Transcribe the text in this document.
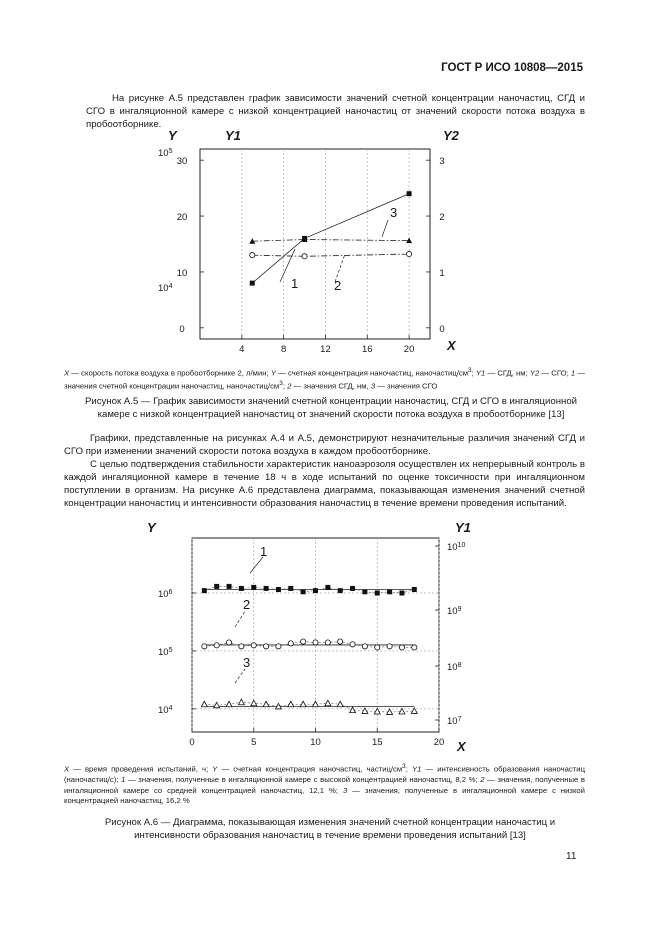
ГОСТ Р ИСО 10808—2015
На рисунке А.5 представлен график зависимости значений счетной концентрации наночастиц, СГД и СГО в ингаляционной камере с низкой концентрацией наночастиц от значений скорости потока воздуха в пробоотборнике.
Y	Y1	Y2
X
$10^5$
$10^4$
30
20
10
0
3
2
1
0
4	8	12	16	20
1	2
3
X — скорость потока воздуха в пробоотборнике 2, л/мин; Y — счетная концентрация наночастиц, наночастиц/$см^3$; Y1 — СГД, нм; Y2 — СГО; 1 — значения счетной концентрации наночастиц, наночастиц/$см^3$; 2 — значения СГД, нм, 3 — значения СГО
Рисунок А.5 — График зависимости значений счетной концентрации наночастиц, СГД и СГО в ингаляционной камере с низкой концентрацией наночастиц от значений скорости потока воздуха в пробоотборнике [13]
Графики, представленные на рисунках А.4 и А.5, демонстрируют незначительные различия значений СГД и СГО при изменении значений скорости потока воздуха в каждом пробоотборнике.
С целью подтверждения стабильности характеристик наноаэрозоля осуществлен их непрерывный контроль в каждой ингаляционной камере в течение 18 ч в ходе испытаний по оценке токсичности при ингаляционном поступлении в организм. На рисунке А.6 представлена диаграмма, показывающая изменения значений счетной концентрации наночастиц и интенсивности образования наночастиц в течение времени проведения испытаний.
Y	Y1
X
$10^6$
$10^5$
$10^4$
$10^{10}$
$10^9$
$10^8$
$10^7$
0	5	10	15	20
1
2
3
X — время проведения испытаний, ч; Y — счетная концентрация наночастиц, частиц/$см^3$; Y1 — интенсивность образования наночастиц (наночастиц/с); 1 — значения, полученные в ингаляционной камере с высокой концентрацией наночастиц, 8,2 %; 2 — значения, полученные в ингаляционной камере со средней концентрацией наночастиц, 12,1 %; 3 — значения, полученные в ингаляционной камере с низкой концентрацией наночастиц, 16,2 %
Рисунок А.6 — Диаграмма, показывающая изменения значений счетной концентрации наночастиц и интенсивности образования наночастиц в течение времени проведения испытаний [13]
11
